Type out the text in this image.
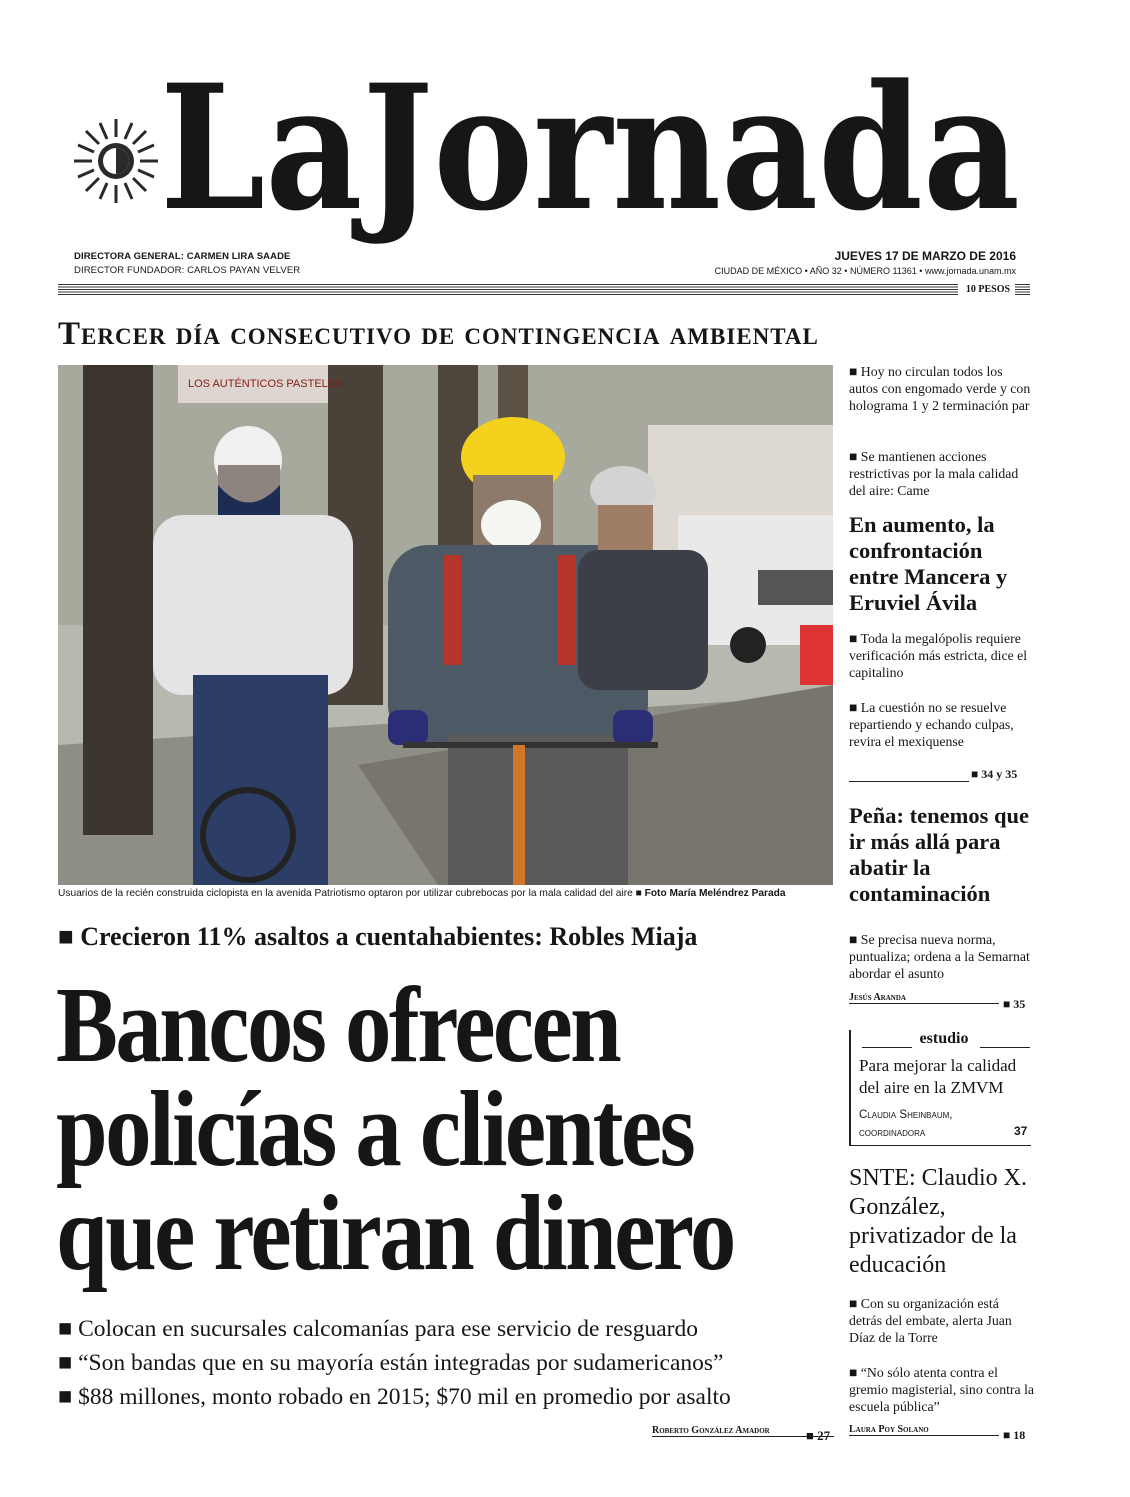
LaJornada
DIRECTORA GENERAL: CARMEN LIRA SAADE
DIRECTOR FUNDADOR: CARLOS PAYAN VELVER
JUEVES 17 DE MARZO DE 2016
CIUDAD DE MÉXICO • AÑO 32 • NÚMERO 11361 • www.jornada.unam.mx
10 PESOS
Tercer día consecutivo de contingencia ambiental
LOS AUTÉNTICOS PASTELES
Usuarios de la recién construida ciclopista en la avenida Patriotismo optaron por utilizar cubrebocas por la mala calidad del aire ■ Foto María Meléndrez Parada
■ Crecieron 11% asaltos a cuentahabientes: Robles Miaja
Bancos ofrecen
policías a clientes
que retiran dinero
■ Colocan en sucursales calcomanías para ese servicio de resguardo
■ “Son bandas que en su mayoría están integradas por sudamericanos”
■ $88 millones, monto robado en 2015; $70 mil en promedio por asalto
Roberto González Amador	■ 27
■ Hoy no circulan todos los autos con engomado verde y con holograma 1 y 2 terminación par
■ Se mantienen acciones restrictivas por la mala calidad del aire: Came
En aumento, la confrontación entre Mancera y Eruviel Ávila
■ Toda la megalópolis requiere verificación más estricta, dice el capitalino
■ La cuestión no se resuelve repartiendo y echando culpas, revira el mexiquense
■ 34 y 35
Peña: tenemos que ir más allá para abatir la contaminación
■ Se precisa nueva norma, puntualiza; ordena a la Semarnat abordar el asunto
Jesús Aranda	■ 35
estudio
Para mejorar la calidad del aire en la ZMVM
Claudia Sheinbaum,
coordinadora	37
SNTE: Claudio X. González, privatizador de la educación
■ Con su organización está detrás del embate, alerta Juan Díaz de la Torre
■ “No sólo atenta contra el gremio magisterial, sino contra la escuela pública”
Laura Poy Solano	■ 18
